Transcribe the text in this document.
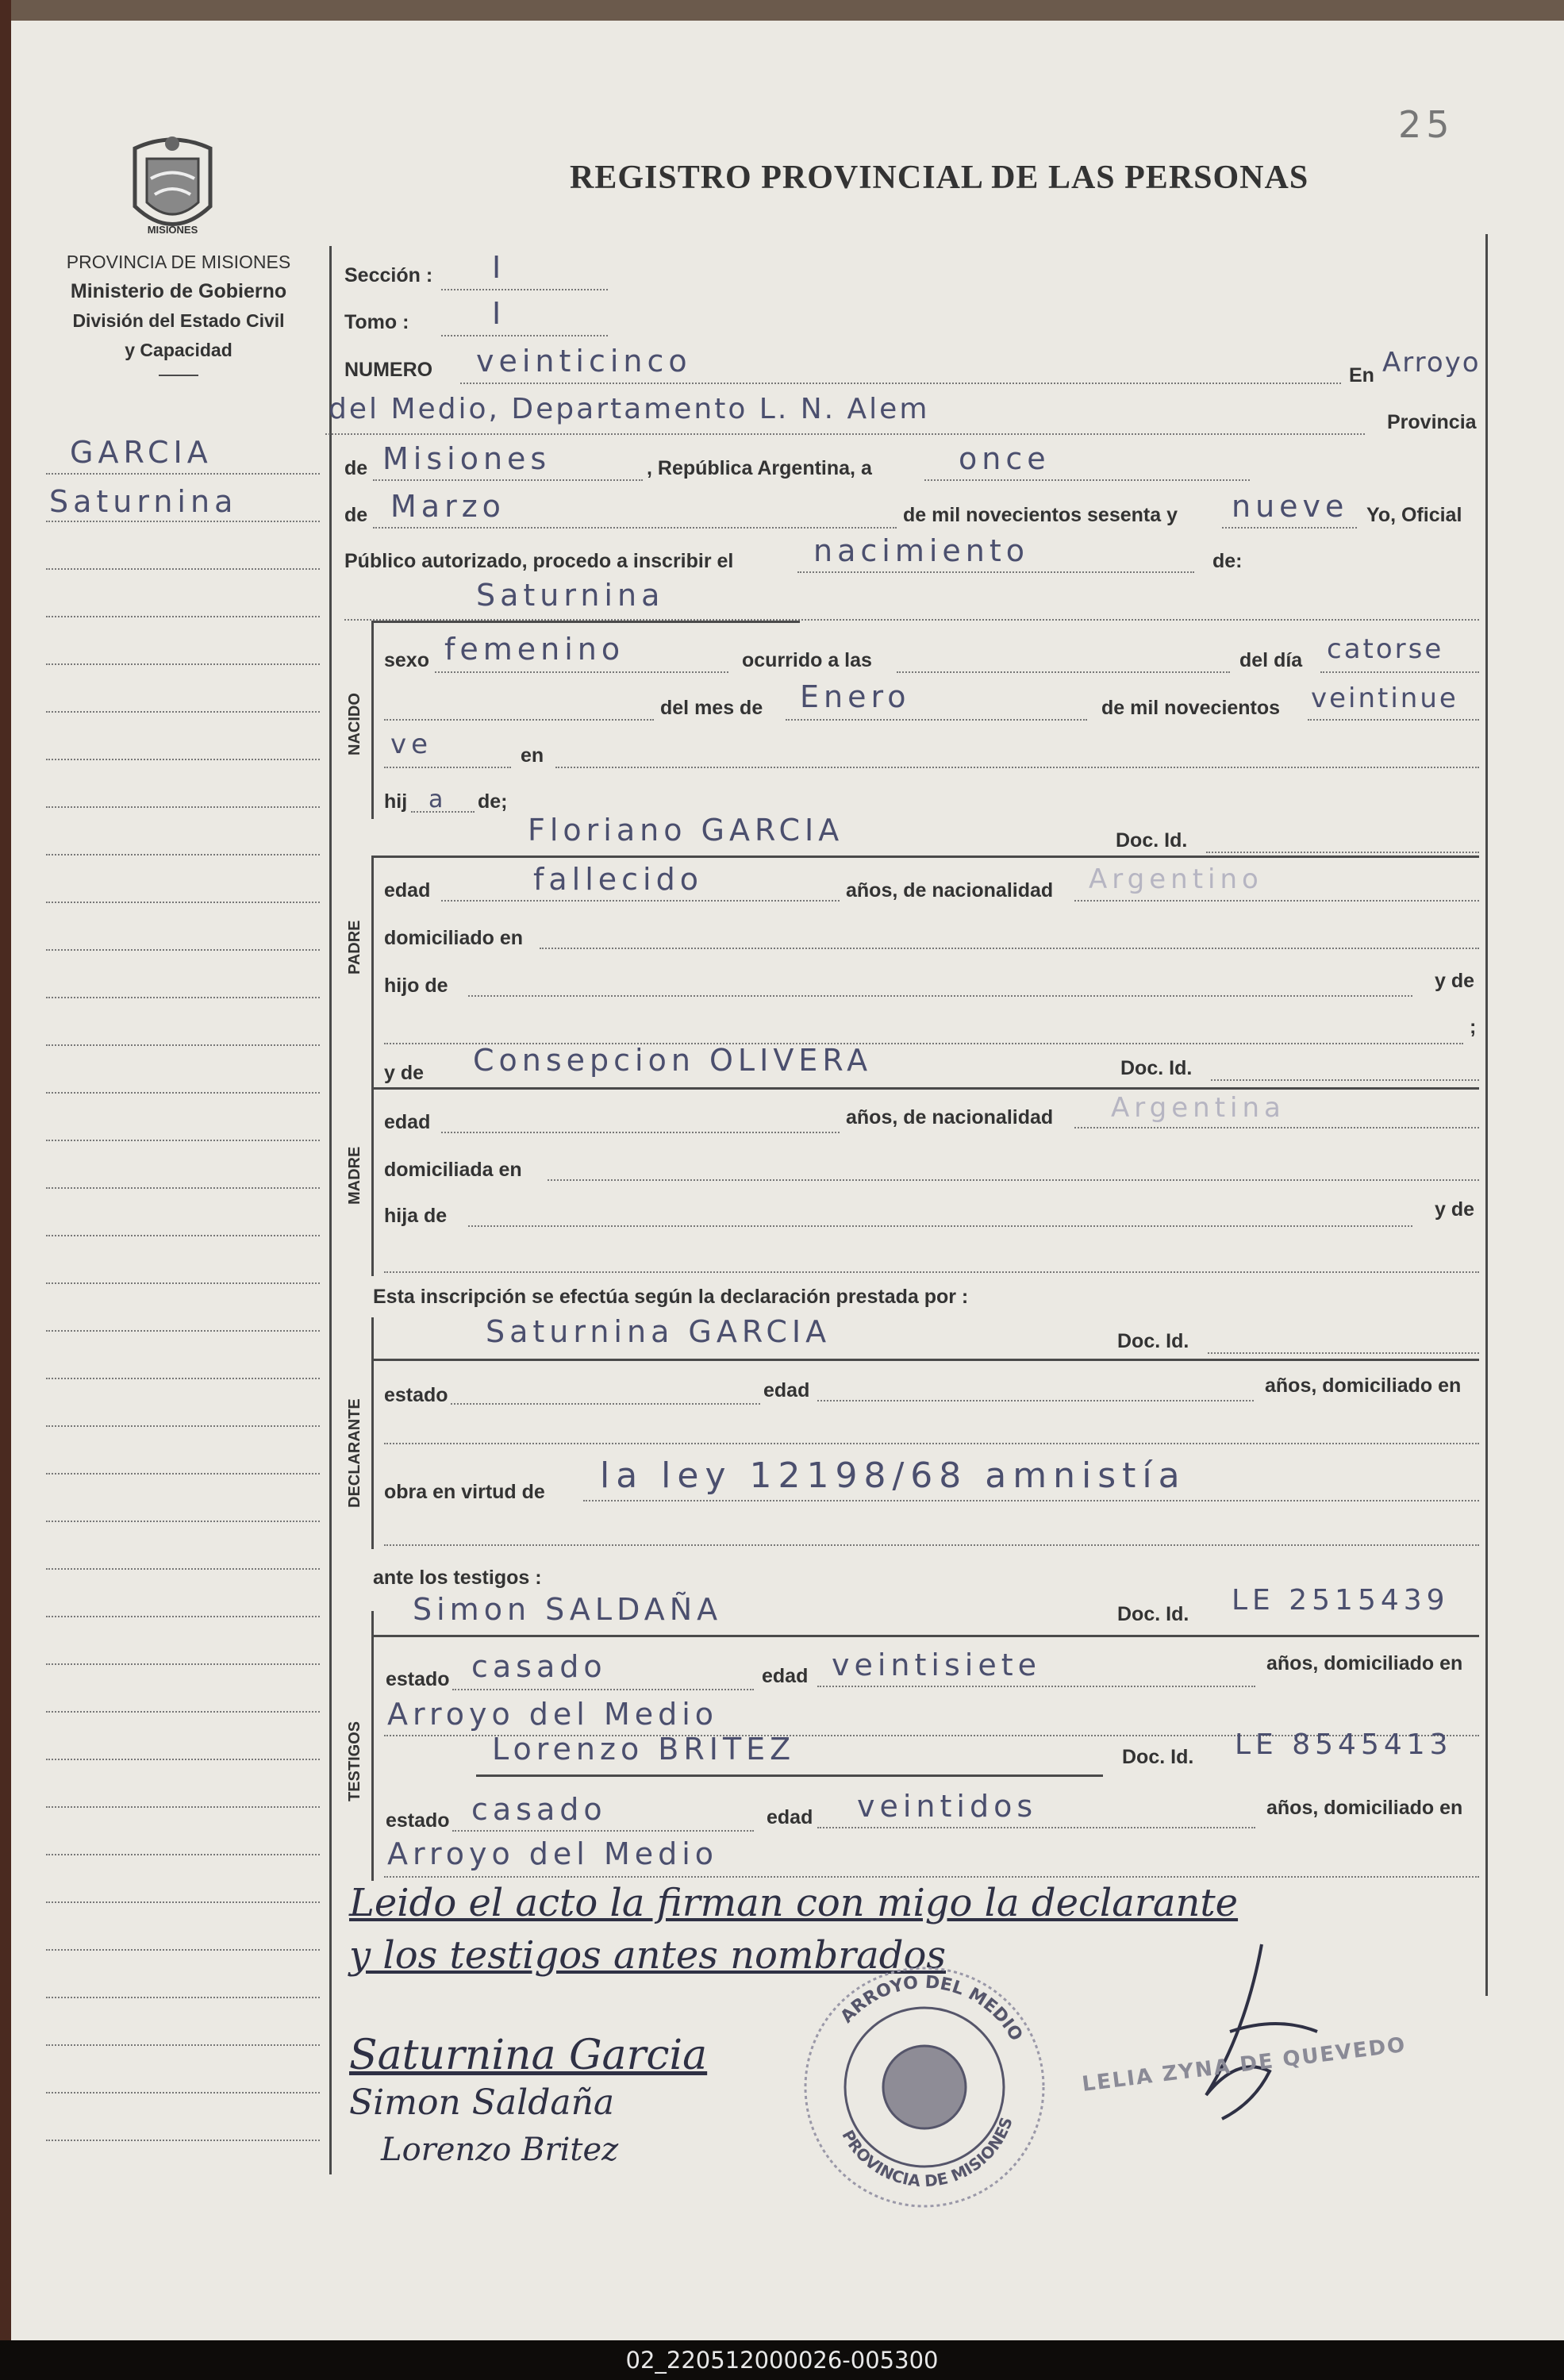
25
MISIONES
PROVINCIA DE MISIONES
Ministerio de Gobierno
División del Estado Civil
y Capacidad
REGISTRO PROVINCIAL DE LAS PERSONAS
GARCIA
Saturnina
Sección : I
Tomo :	I
NUMERO veinticinco	En Arroyo
del Medio, Departamento L. N. Alem	Provincia
de Misiones	, República Argentina, a	once
de Marzo	de mil novecientos sesenta y nueve Yo, Oficial
Público autorizado, procedo a inscribir el	nacimiento	de:
Saturnina
NACIDO
sexo femenino	ocurrido a las	del día catorse
del mes de Enero	de mil novecientos veintinue
ve	en
hij a de;
PADRE
Floriano GARCIA	Doc. Id.
edad	fallecido	años, de nacionalidad Argentino
domiciliado en
hijo de	y de
;
MADRE
y de Consepcion OLIVERA	Doc. Id.
edad	años, de nacionalidad Argentina
domiciliada en
hija de	y de
Esta inscripción se efectúa según la declaración prestada por :
DECLARANTE
Saturnina GARCIA	Doc. Id.
estado	edad	años, domiciliado en
obra en virtud de la ley 12198/68 amnistía
ante los testigos :
TESTIGOS
Simon SALDAÑA	Doc. Id. LE 2515439
estado casado	edad veintisiete	años, domiciliado en
Arroyo del Medio
Lorenzo BRITEZ	Doc. Id. LE 8545413
estado casado	edad veintidos	años, domiciliado en
Arroyo del Medio
Leido el acto la firman con migo la declarante
y los testigos antes nombrados
Saturnina Garcia
Simon Saldaña
Lorenzo Britez
ARROYO DEL MEDIO
PROVINCIA DE MISIONES
LELIA ZYNA DE QUEVEDO
02_220512000026-005300
